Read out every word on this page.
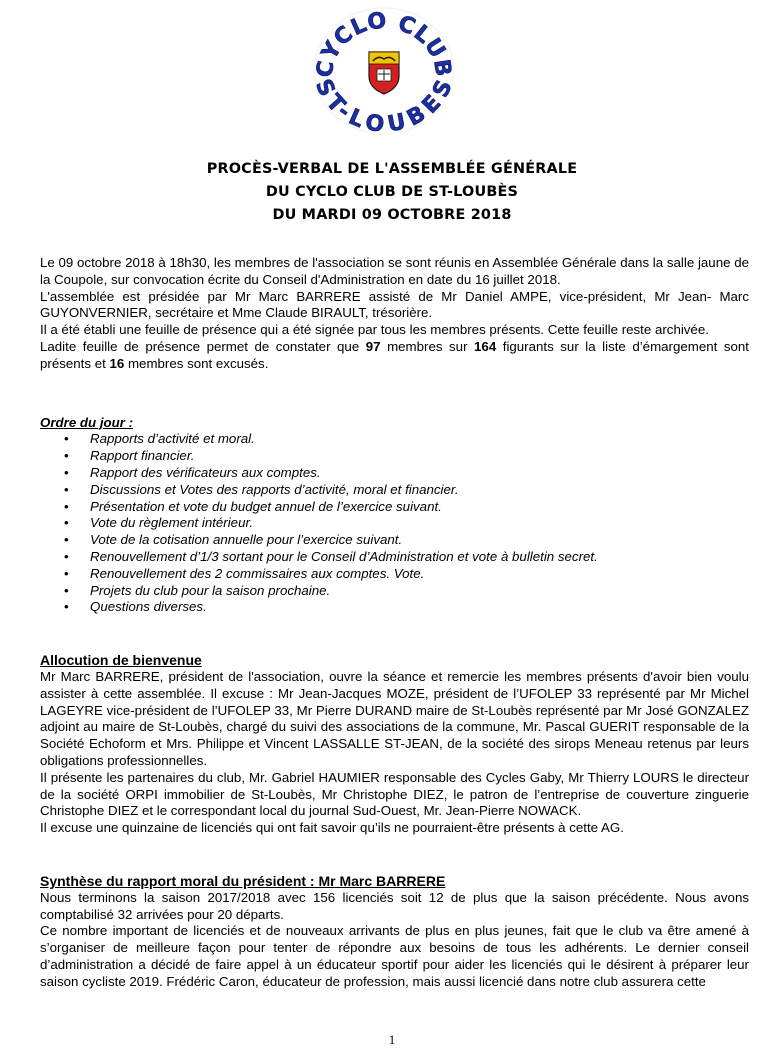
CYCLO CLUB
ST-LOUBES
PROCÈS-VERBAL DE L'ASSEMBLÉE GÉNÉRALE
DU CYCLO CLUB DE ST-LOUBÈS
DU MARDI 09 OCTOBRE 2018

Le 09 octobre 2018 à 18h30, les membres de l'association se sont réunis en Assemblée Générale dans la salle jaune de la Coupole, sur convocation écrite du Conseil d'Administration en date du 16 juillet 2018.

L'assemblée est présidée par Mr Marc BARRERE assisté de Mr Daniel AMPE, vice-président, Mr Jean- Marc GUYONVERNIER, secrétaire et Mme Claude BIRAULT, trésorière.

Il a été établi une feuille de présence qui a été signée par tous les membres présents. Cette feuille reste archivée.

Ladite feuille de présence permet de constater que 97 membres sur 164 figurants sur la liste d’émargement sont présents et 16 membres sont excusés.

Ordre du jour :

• Rapports d’activité et moral.
• Rapport financier.
• Rapport des vérificateurs aux comptes.
• Discussions et Votes des rapports d’activité, moral et financier.
• Présentation et vote du budget annuel de l’exercice suivant.
• Vote du règlement intérieur.
• Vote de la cotisation annuelle pour l’exercice suivant.
• Renouvellement d’1/3 sortant pour le Conseil d’Administration et vote à bulletin secret.
• Renouvellement des 2 commissaires aux comptes. Vote.
• Projets du club pour la saison prochaine.
• Questions diverses.

Allocution de bienvenue

Mr Marc BARRERE, président de l'association, ouvre la séance et remercie les membres présents d'avoir bien voulu assister à cette assemblée. Il excuse : Mr Jean-Jacques MOZE, président de l’UFOLEP 33 représenté par Mr Michel LAGEYRE vice-président de l’UFOLEP 33, Mr Pierre DURAND maire de St-Loubès représenté par Mr José GONZALEZ adjoint au maire de St-Loubès, chargé du suivi des associations de la commune, Mr. Pascal GUERIT responsable de la Société Echoform et Mrs. Philippe et Vincent LASSALLE ST-JEAN, de la société des sirops Meneau retenus par leurs obligations professionnelles.

Il présente les partenaires du club, Mr. Gabriel HAUMIER responsable des Cycles Gaby, Mr Thierry LOURS le directeur de la société ORPI immobilier de St-Loubès, Mr Christophe DIEZ, le patron de l’entreprise de couverture zinguerie Christophe DIEZ et le correspondant local du journal Sud-Ouest, Mr. Jean-Pierre NOWACK.

Il excuse une quinzaine de licenciés qui ont fait savoir qu’ils ne pourraient-être présents à cette AG.

Synthèse du rapport moral du président : Mr Marc BARRERE

Nous terminons la saison 2017/2018 avec 156 licenciés soit 12 de plus que la saison précédente. Nous avons comptabilisé 32 arrivées pour 20 départs.

Ce nombre important de licenciés et de nouveaux arrivants de plus en plus jeunes, fait que le club va être amené à s’organiser de meilleure façon pour tenter de répondre aux besoins de tous les adhérents. Le dernier conseil d’administration a décidé de faire appel à un éducateur sportif pour aider les licenciés qui le désirent à préparer leur saison cycliste 2019. Frédéric Caron, éducateur de profession, mais aussi licencié dans notre club assurera cette

1
